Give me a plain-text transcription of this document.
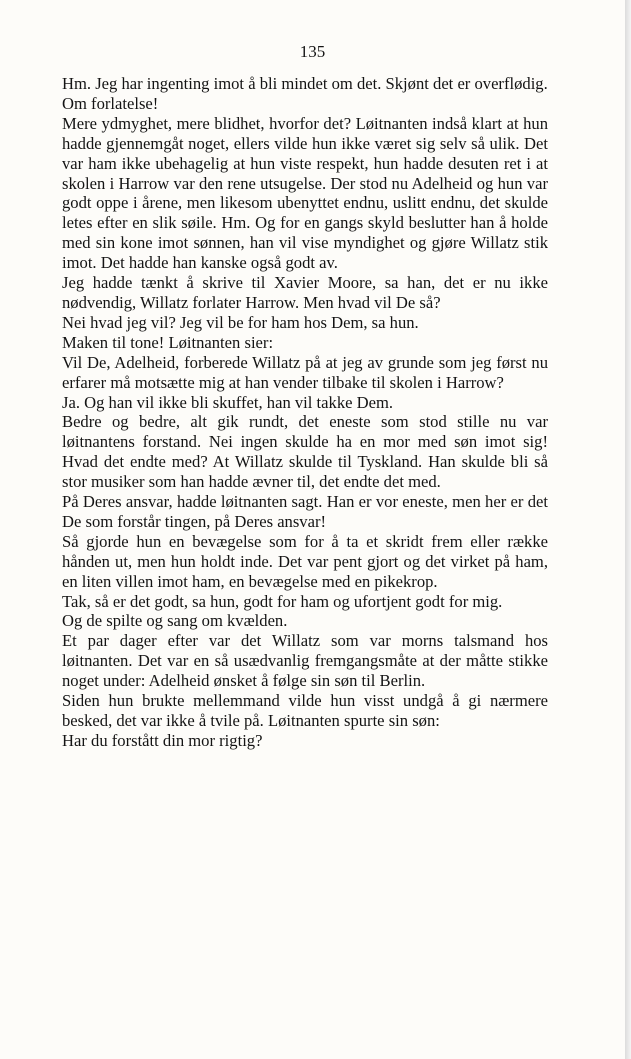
135

Hm. Jeg har ingenting imot å bli mindet om det. Skjønt det er overflødig.

Om forlatelse!

Mere ydmyghet, mere blidhet, hvorfor det? Løitnanten indså klart at hun hadde gjennemgåt noget, ellers vilde hun ikke været sig selv så ulik. Det var ham ikke ubehagelig at hun viste respekt, hun hadde desuten ret i at skolen i Harrow var den rene utsugelse. Der stod nu Adelheid og hun var godt oppe i årene, men likesom ubenyttet endnu, uslitt endnu, det skulde letes efter en slik søile. Hm. Og for en gangs skyld beslutter han å holde med sin kone imot sønnen, han vil vise myndighet og gjøre Willatz stik imot. Det hadde han kanske også godt av.

Jeg hadde tænkt å skrive til Xavier Moore, sa han, det er nu ikke nødvendig, Willatz forlater Harrow. Men hvad vil De så?

Nei hvad jeg vil? Jeg vil be for ham hos Dem, sa hun.

Maken til tone! Løitnanten sier:

Vil De, Adelheid, forberede Willatz på at jeg av grunde som jeg først nu erfarer må motsætte mig at han vender tilbake til skolen i Harrow?

Ja. Og han vil ikke bli skuffet, han vil takke Dem.

Bedre og bedre, alt gik rundt, det eneste som stod stille nu var løitnantens forstand. Nei ingen skulde ha en mor med søn imot sig! Hvad det endte med? At Willatz skulde til Tyskland. Han skulde bli så stor musiker som han hadde ævner til, det endte det med.

På Deres ansvar, hadde løitnanten sagt. Han er vor eneste, men her er det De som forstår tingen, på Deres ansvar!

Så gjorde hun en bevægelse som for å ta et skridt frem eller række hånden ut, men hun holdt inde. Det var pent gjort og det virket på ham, en liten villen imot ham, en bevægelse med en pikekrop.

Tak, så er det godt, sa hun, godt for ham og ufortjent godt for mig.

Og de spilte og sang om kvælden.

Et par dager efter var det Willatz som var morns talsmand hos løitnanten. Det var en så usædvanlig fremgangsmåte at der måtte stikke noget under: Adelheid ønsket å følge sin søn til Berlin.

Siden hun brukte mellemmand vilde hun visst undgå å gi nærmere besked, det var ikke å tvile på. Løitnanten spurte sin søn:

Har du forstått din mor rigtig?
